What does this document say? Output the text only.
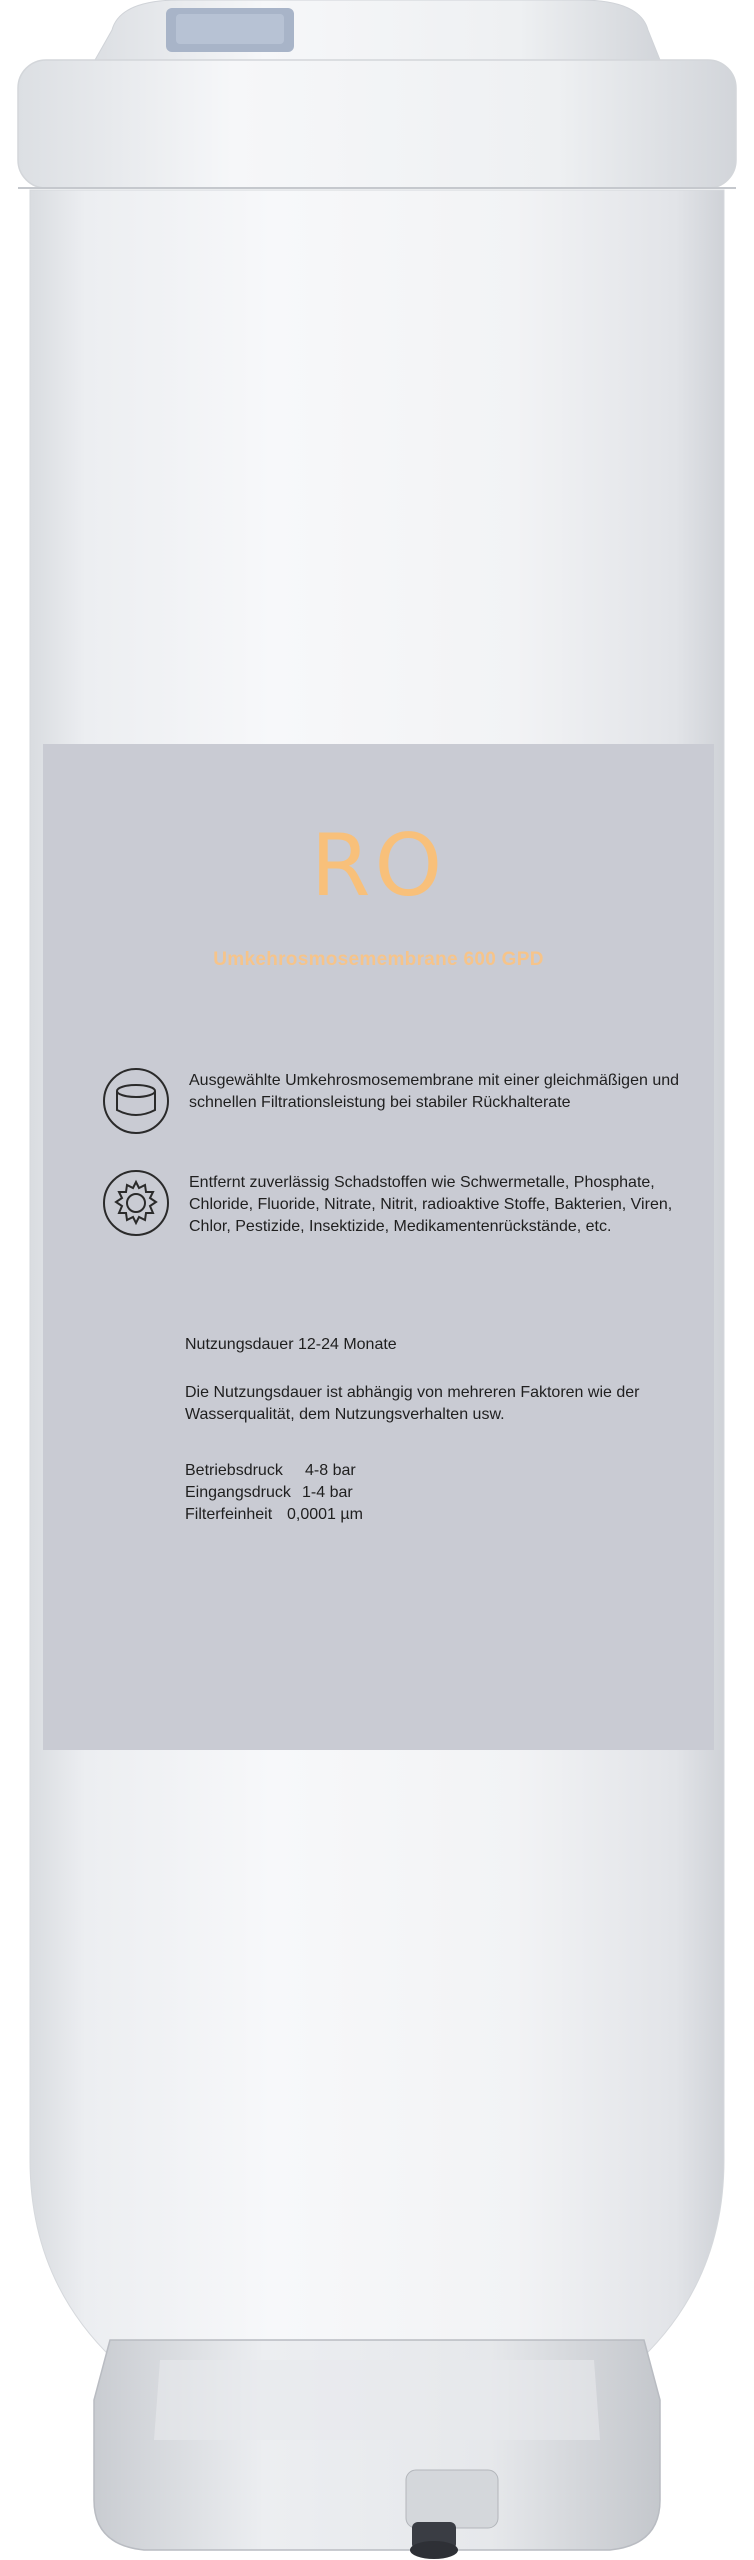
RO
Umkehrosmosemembrane 600 GPD
Ausgewählte Umkehrosmosemembrane mit einer gleichmäßigen und schnellen Filtrationsleistung bei stabiler Rückhalterate
Entfernt zuverlässig Schadstoffen wie Schwermetalle, Phosphate, Chloride, Fluoride, Nitrate, Nitrit, radioaktive Stoffe, Bakterien, Viren, Chlor, Pestizide, Insektizide, Medikamentenrückstände, etc.
Nutzungsdauer 12-24 Monate
Die Nutzungsdauer ist abhängig von mehreren Faktoren wie der Wasserqualität, dem Nutzungsverhalten usw.
Betriebsdruck 4-8 bar
Eingangsdruck 1-4 bar
Filterfeinheit 0,0001 µm
